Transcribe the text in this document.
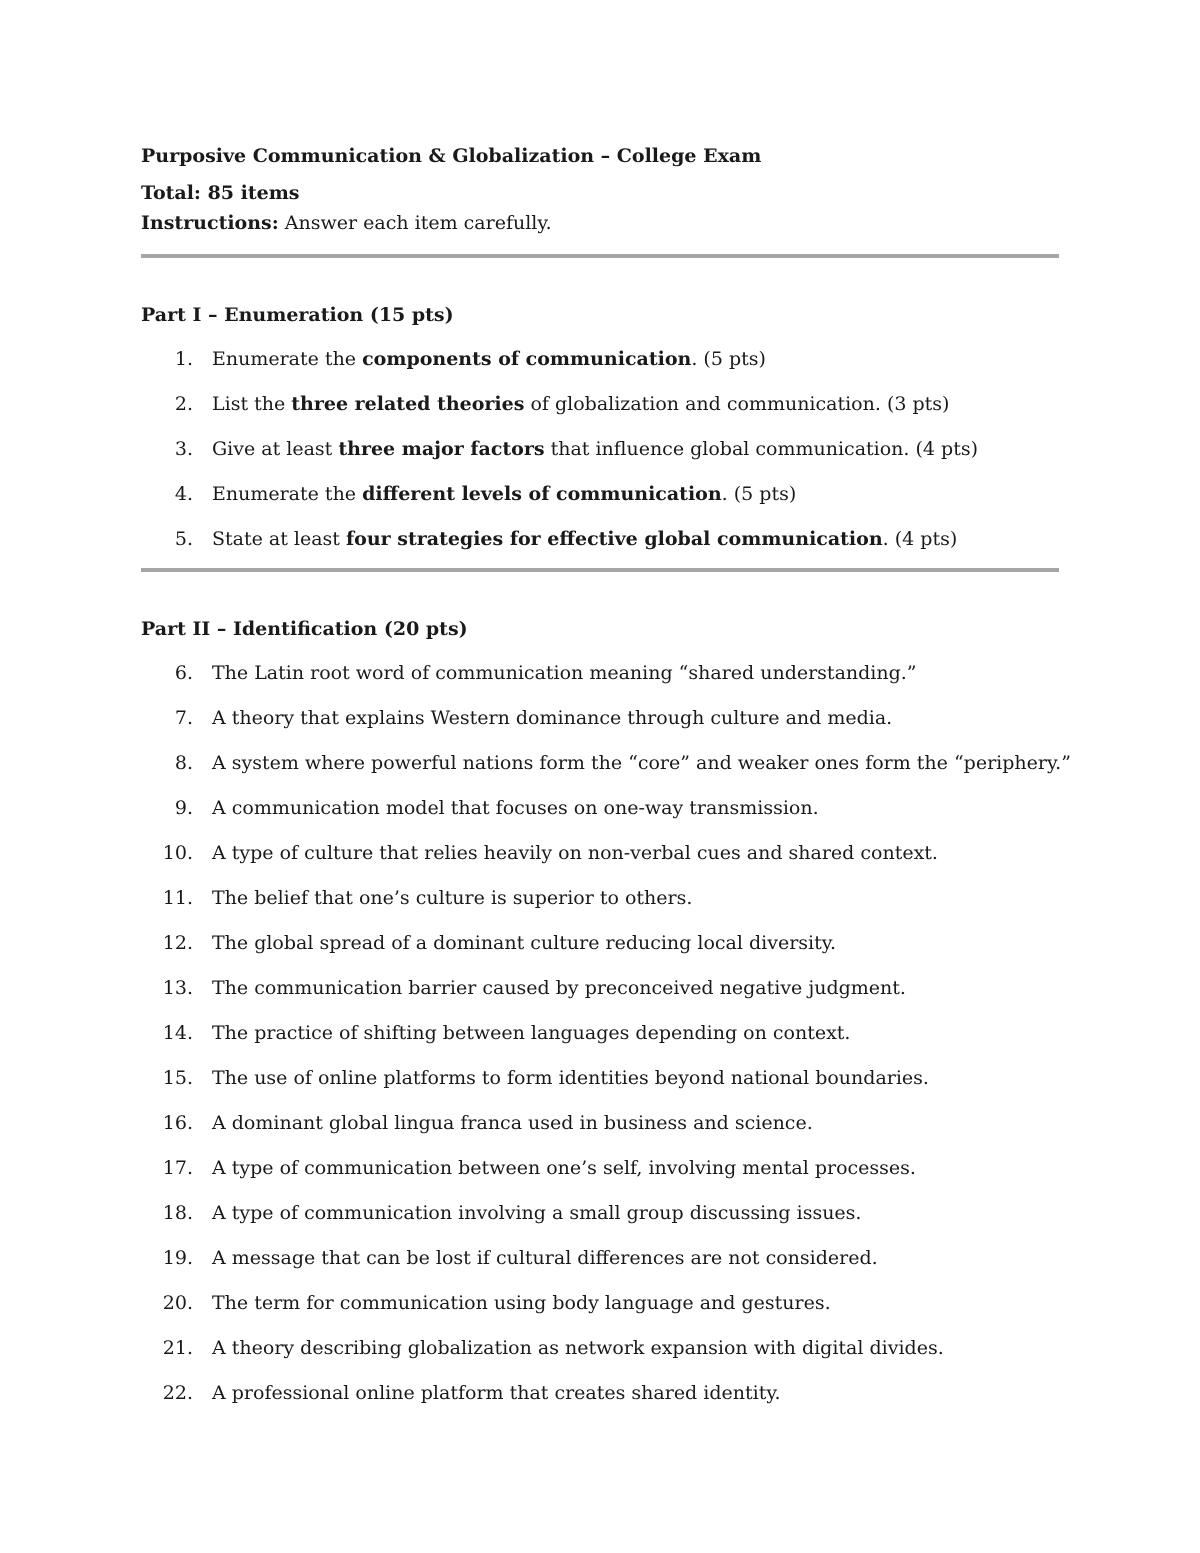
Purposive Communication & Globalization – College Exam
Total: 85 items
Instructions: Answer each item carefully.
Part I – Enumeration (15 pts)
1. Enumerate the components of communication. (5 pts)
2. List the three related theories of globalization and communication. (3 pts)
3. Give at least three major factors that influence global communication. (4 pts)
4. Enumerate the different levels of communication. (5 pts)
5. State at least four strategies for effective global communication. (4 pts)
Part II – Identification (20 pts)
6. The Latin root word of communication meaning “shared understanding.”
7. A theory that explains Western dominance through culture and media.
8. A system where powerful nations form the “core” and weaker ones form the “periphery.”
9. A communication model that focuses on one-way transmission.
10. A type of culture that relies heavily on non-verbal cues and shared context.
11. The belief that one’s culture is superior to others.
12. The global spread of a dominant culture reducing local diversity.
13. The communication barrier caused by preconceived negative judgment.
14. The practice of shifting between languages depending on context.
15. The use of online platforms to form identities beyond national boundaries.
16. A dominant global lingua franca used in business and science.
17. A type of communication between one’s self, involving mental processes.
18. A type of communication involving a small group discussing issues.
19. A message that can be lost if cultural differences are not considered.
20. The term for communication using body language and gestures.
21. A theory describing globalization as network expansion with digital divides.
22. A professional online platform that creates shared identity.
